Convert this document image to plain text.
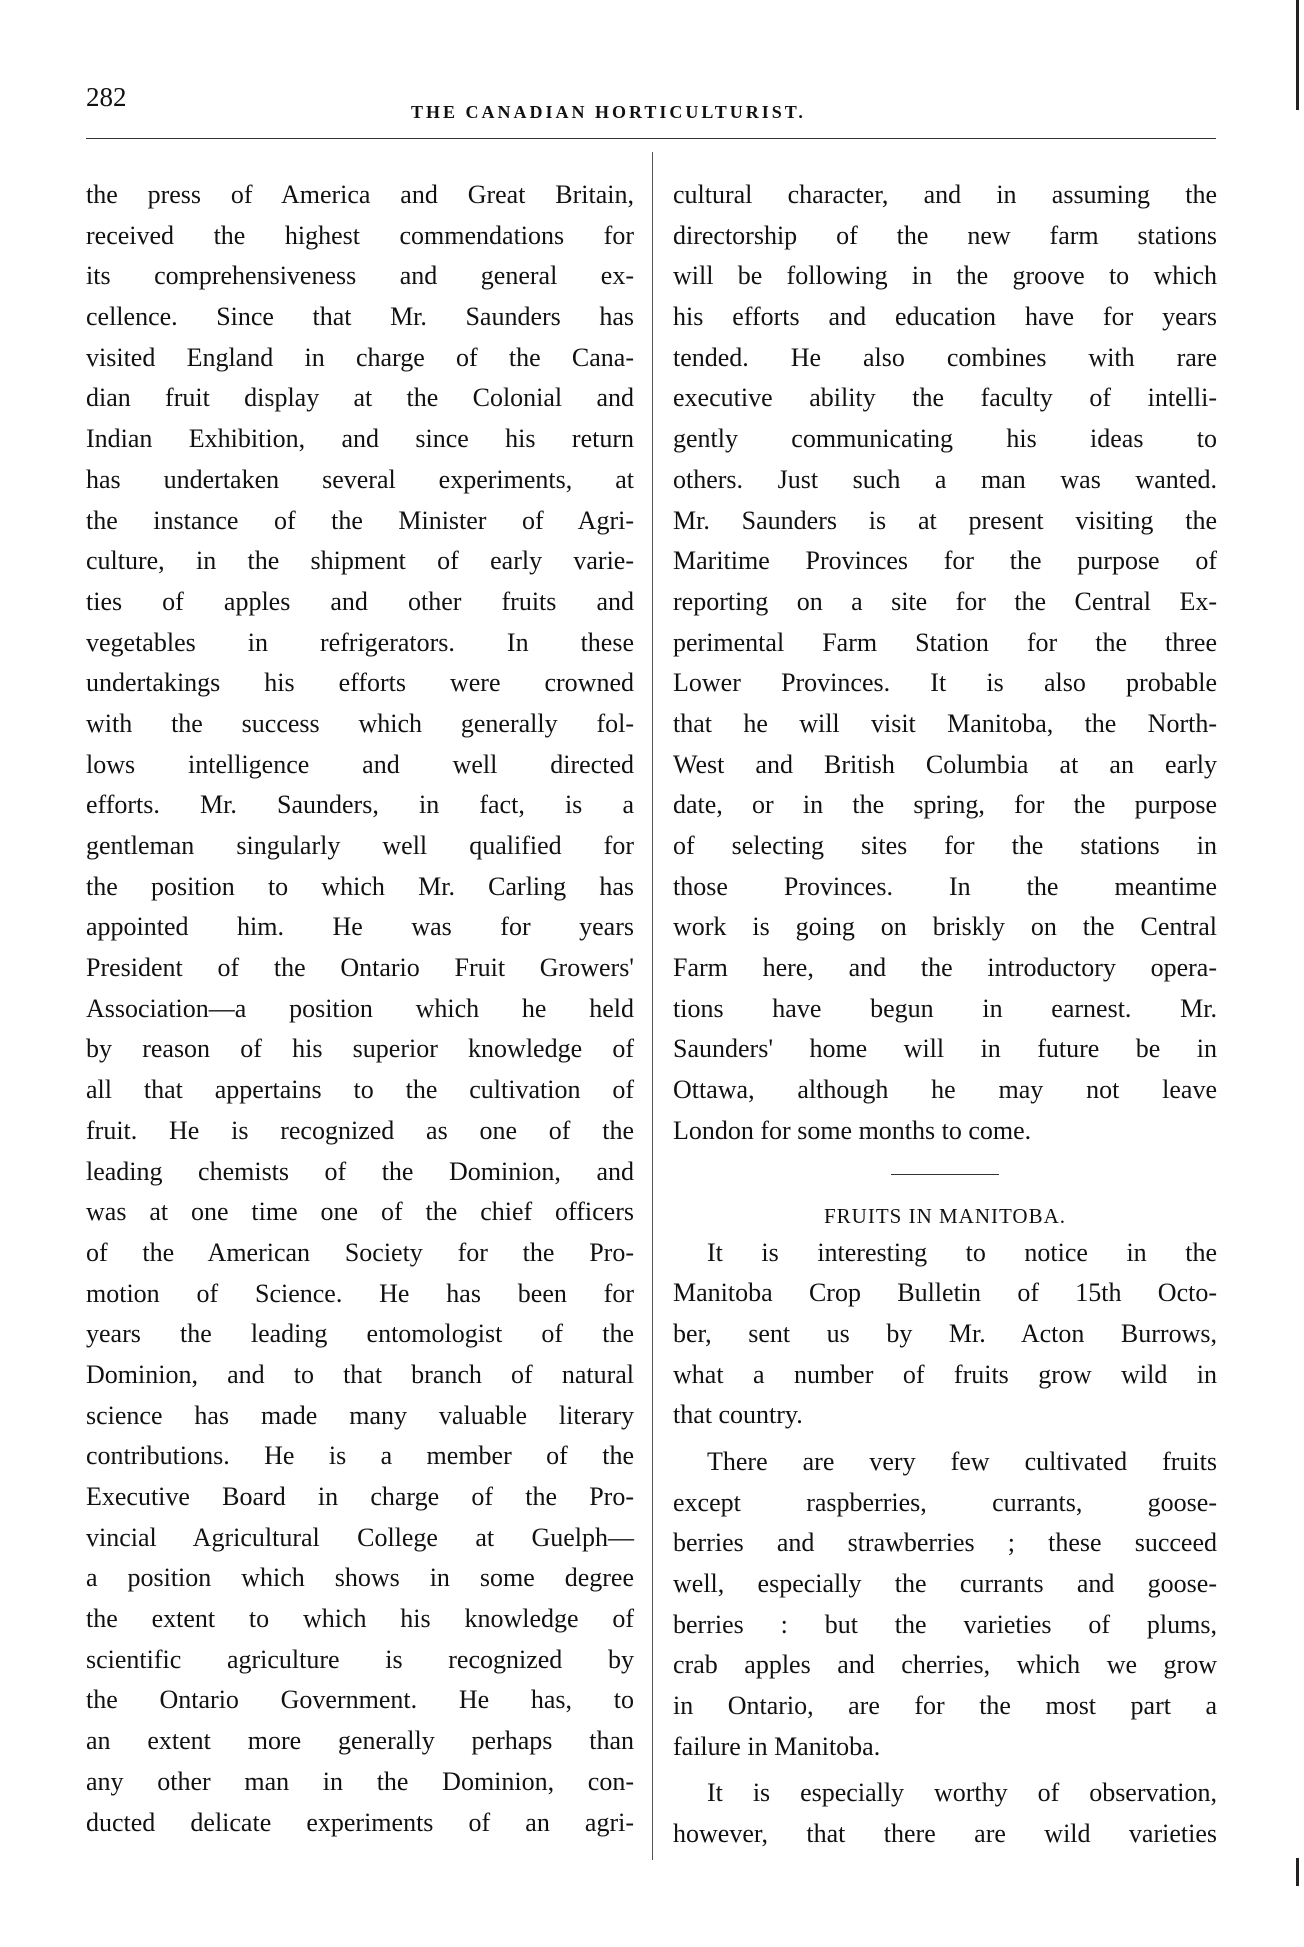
282	THE CANADIAN HORTICULTURIST.
the press of America and Great Britain,
received the highest commendations for
its comprehensiveness and general ex-
cellence. Since that Mr. Saunders has
visited England in charge of the Cana-
dian fruit display at the Colonial and
Indian Exhibition, and since his return
has undertaken several experiments, at
the instance of the Minister of Agri-
culture, in the shipment of early varie-
ties of apples and other fruits and
vegetables in refrigerators. In these
undertakings his efforts were crowned
with the success which generally fol-
lows intelligence and well directed
efforts. Mr. Saunders, in fact, is a
gentleman singularly well qualified for
the position to which Mr. Carling has
appointed him. He was for years
President of the Ontario Fruit Growers'
Association—a position which he held
by reason of his superior knowledge of
all that appertains to the cultivation of
fruit. He is recognized as one of the
leading chemists of the Dominion, and
was at one time one of the chief officers
of the American Society for the Pro-
motion of Science. He has been for
years the leading entomologist of the
Dominion, and to that branch of natural
science has made many valuable literary
contributions. He is a member of the
Executive Board in charge of the Pro-
vincial Agricultural College at Guelph—
a position which shows in some degree
the extent to which his knowledge of
scientific agriculture is recognized by
the Ontario Government. He has, to
an extent more generally perhaps than
any other man in the Dominion, con-
ducted delicate experiments of an agri-
cultural character, and in assuming the
directorship of the new farm stations
will be following in the groove to which
his efforts and education have for years
tended. He also combines with rare
executive ability the faculty of intelli-
gently communicating his ideas to
others. Just such a man was wanted.
Mr. Saunders is at present visiting the
Maritime Provinces for the purpose of
reporting on a site for the Central Ex-
perimental Farm Station for the three
Lower Provinces. It is also probable
that he will visit Manitoba, the North-
West and British Columbia at an early
date, or in the spring, for the purpose
of selecting sites for the stations in
those Provinces. In the meantime
work is going on briskly on the Central
Farm here, and the introductory opera-
tions have begun in earnest. Mr.
Saunders' home will in future be in
Ottawa, although he may not leave
London for some months to come.
FRUITS IN MANITOBA.
It is interesting to notice in the
Manitoba Crop Bulletin of 15th Octo-
ber, sent us by Mr. Acton Burrows,
what a number of fruits grow wild in
that country.
There are very few cultivated fruits
except raspberries, currants, goose-
berries and strawberries ; these succeed
well, especially the currants and goose-
berries : but the varieties of plums,
crab apples and cherries, which we grow
in Ontario, are for the most part a
failure in Manitoba.
It is especially worthy of observation,
however, that there are wild varieties
